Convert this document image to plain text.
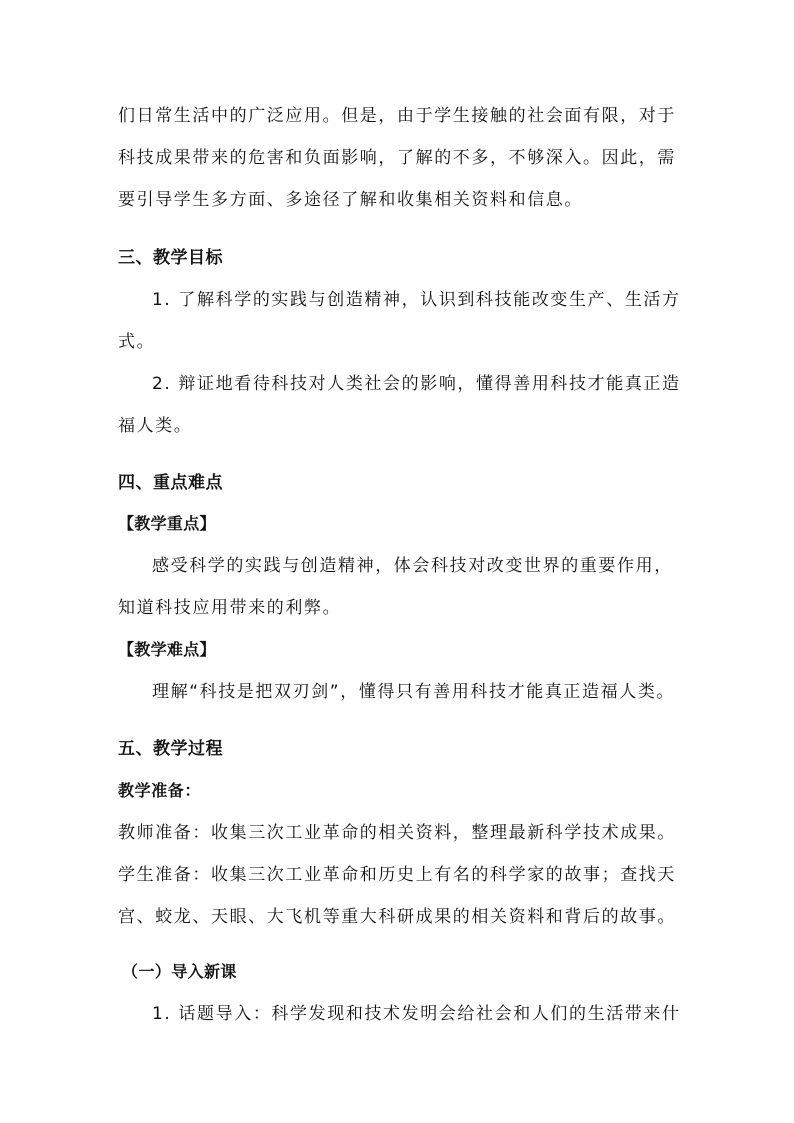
们日常生活中的广泛应用。但是，由于学生接触的社会面有限，对于
科技成果带来的危害和负面影响，了解的不多，不够深入。因此，需
要引导学生多方面、多途径了解和收集相关资料和信息。
三、教学目标
1. 了解科学的实践与创造精神，认识到科技能改变生产、生活方
式。
2. 辩证地看待科技对人类社会的影响，懂得善用科技才能真正造
福人类。
四、重点难点
【教学重点】
感受科学的实践与创造精神，体会科技对改变世界的重要作用，
知道科技应用带来的利弊。
【教学难点】
理解“科技是把双刃剑”，懂得只有善用科技才能真正造福人类。
五、教学过程
教学准备：
教师准备：收集三次工业革命的相关资料，整理最新科学技术成果。
学生准备：收集三次工业革命和历史上有名的科学家的故事；查找天
宫、蛟龙、天眼、大飞机等重大科研成果的相关资料和背后的故事。
（一）导入新课
1. 话题导入：科学发现和技术发明会给社会和人们的生活带来什
